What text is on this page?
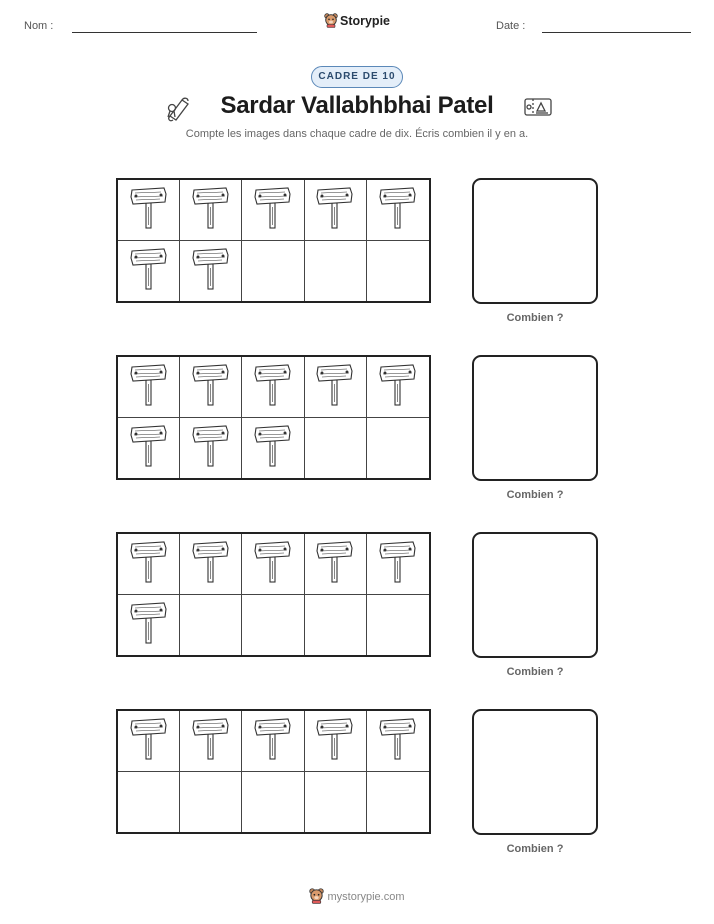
Nom :	Storypie	Date :
CADRE DE 10
Sardar Vallabhbhai Patel
Compte les images dans chaque cadre de dix. Écris combien il y en a.
Combien ?
Combien ?
Combien ?
Combien ?
mystorypie.com
